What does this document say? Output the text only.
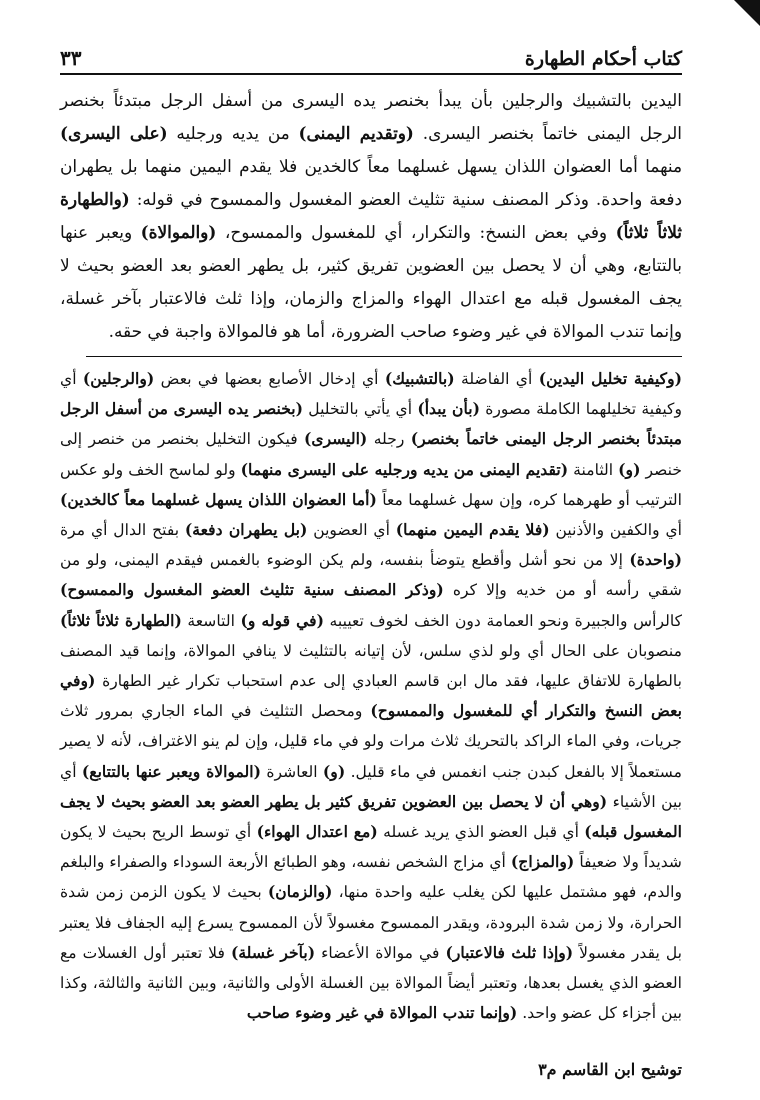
كتاب أحكام الطهارة
٣٣

اليدين بالتشبيك والرجلين بأن يبدأ بخنصر يده اليسرى من أسفل الرجل مبتدئاً بخنصر الرجل اليمنى خاتماً بخنصر اليسرى. (وتقديم اليمنى) من يديه ورجليه (على اليسرى) منهما أما العضوان اللذان يسهل غسلهما معاً كالخدين فلا يقدم اليمين منهما بل يطهران دفعة واحدة. وذكر المصنف سنية تثليث العضو المغسول والممسوح في قوله: (والطهارة ثلاثاً ثلاثاً) وفي بعض النسخ: والتكرار، أي للمغسول والممسوح، (والموالاة) ويعبر عنها بالتتابع، وهي أن لا يحصل بين العضوين تفريق كثير، بل يطهر العضو بعد العضو بحيث لا يجف المغسول قبله مع اعتدال الهواء والمزاج والزمان، وإذا ثلث فالاعتبار بآخر غسلة، وإنما تندب الموالاة في غير وضوء صاحب الضرورة، أما هو فالموالاة واجبة في حقه.

(وكيفية تخليل اليدين) أي الفاضلة (بالتشبيك) أي إدخال الأصابع بعضها في بعض (والرجلين) أي وكيفية تخليلهما الكاملة مصورة (بأن يبدأ) أي يأتي بالتخليل (بخنصر يده اليسرى من أسفل الرجل مبتدئاً بخنصر الرجل اليمنى خاتماً بخنصر) رجله (اليسرى) فيكون التخليل بخنصر من خنصر إلى خنصر (و) الثامنة (تقديم اليمنى من يديه ورجليه على اليسرى منهما) ولو لماسح الخف ولو عكس الترتيب أو طهرهما كره، وإن سهل غسلهما معاً (أما العضوان اللذان يسهل غسلهما معاً كالخدين) أي والكفين والأذنين (فلا يقدم اليمين منهما) أي العضوين (بل يطهران دفعة) بفتح الدال أي مرة (واحدة) إلا من نحو أشل وأقطع يتوضأ بنفسه، ولم يكن الوضوء بالغمس فيقدم اليمنى، ولو من شقي رأسه أو من خديه وإلا كره (وذكر المصنف سنية تثليث العضو المغسول والممسوح) كالرأس والجبيرة ونحو العمامة دون الخف لخوف تعييبه (في قوله و) التاسعة (الطهارة ثلاثاً ثلاثاً) منصوبان على الحال أي ولو لذي سلس، لأن إتيانه بالتثليث لا ينافي الموالاة، وإنما قيد المصنف بالطهارة للاتفاق عليها، فقد مال ابن قاسم العبادي إلى عدم استحباب تكرار غير الطهارة (وفي بعض النسخ والتكرار أي للمغسول والممسوح) ومحصل التثليث في الماء الجاري بمرور ثلاث جريات، وفي الماء الراكد بالتحريك ثلاث مرات ولو في ماء قليل، وإن لم ينو الاغتراف، لأنه لا يصير مستعملاً إلا بالفعل كبدن جنب انغمس في ماء قليل. (و) العاشرة (الموالاة ويعبر عنها بالتتابع) أي بين الأشياء (وهي أن لا يحصل بين العضوين تفريق كثير بل يطهر العضو بعد العضو بحيث لا يجف المغسول قبله) أي قبل العضو الذي يريد غسله (مع اعتدال الهواء) أي توسط الريح بحيث لا يكون شديداً ولا ضعيفاً (والمزاج) أي مزاج الشخص نفسه، وهو الطبائع الأربعة السوداء والصفراء والبلغم والدم، فهو مشتمل عليها لكن يغلب عليه واحدة منها، (والزمان) بحيث لا يكون الزمن زمن شدة الحرارة، ولا زمن شدة البرودة، ويقدر الممسوح مغسولاً لأن الممسوح يسرع إليه الجفاف فلا يعتبر بل يقدر مغسولاً (وإذا ثلث فالاعتبار) في موالاة الأعضاء (بآخر غسلة) فلا تعتبر أول الغسلات مع العضو الذي يغسل بعدها، وتعتبر أيضاً الموالاة بين الغسلة الأولى والثانية، وبين الثانية والثالثة، وكذا بين أجزاء كل عضو واحد. (وإنما تندب الموالاة في غير وضوء صاحب

توشيح ابن القاسم م٣
